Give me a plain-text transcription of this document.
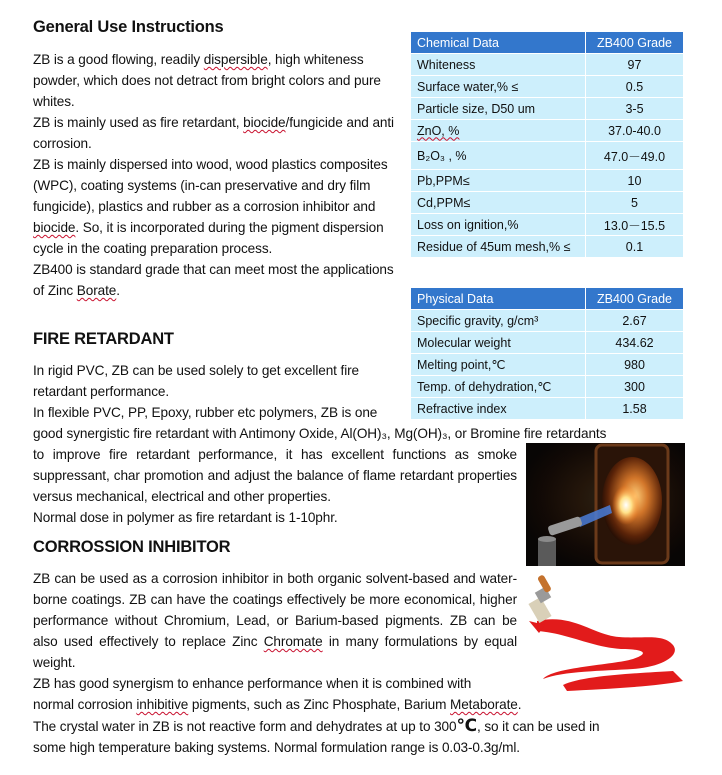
General Use Instructions

ZB is a good flowing, readily dispersible, high whiteness powder, which does not detract from bright colors and pure whites.

ZB is mainly used as fire retardant, biocide/fungicide and anti corrosion.

ZB is mainly dispersed into wood, wood plastics composites (WPC), coating systems (in-can preservative and dry film fungicide), plastics and rubber as a corrosion inhibitor and biocide. So, it is incorporated during the pigment dispersion cycle in the coating preparation process.

ZB400 is standard grade that can meet most the applications of Zinc Borate.

Chemical Data	ZB400 Grade
Whiteness	97
Surface water,% ≤	0.5
Particle size, D50 um	3-5
ZnO, %	37.0-40.0
B₂O₃ , %	47.0－49.0
Pb,PPM≤	10
Cd,PPM≤	5
Loss on ignition,%	13.0－15.5
Residue of 45um mesh,% ≤	0.1
Physical Data	ZB400 Grade
Specific gravity, g/cm³	2.67
Molecular weight	434.62
Melting point,℃	980
Temp. of dehydration,℃	300
Refractive index	1.58
FIRE RETARDANT

In rigid PVC, ZB can be used solely to get excellent fire retardant performance.

In flexible PVC, PP, Epoxy, rubber etc polymers, ZB is one

good synergistic fire retardant with Antimony Oxide, Al(OH)₃, Mg(OH)₃, or Bromine fire retardants

to improve fire retardant performance, it has excellent functions as smoke suppressant, char promotion and adjust the balance of flame retardant properties versus mechanical, electrical and other properties.

Normal dose in polymer as fire retardant is 1-10phr.

CORROSSION INHIBITOR

ZB can be used as a corrosion inhibitor in both organic solvent-based and water-borne coatings. ZB can have the coatings effectively be more economical, higher performance without Chromium, Lead, or Barium-based pigments. ZB can be also used effectively to replace Zinc Chromate in many formulations by equal weight.

ZB has good synergism to enhance performance when it is combined with

normal corrosion inhibitive pigments, such as Zinc Phosphate, Barium Metaborate.

The crystal water in ZB is not reactive form and dehydrates at up to 300℃, so it can be used in

some high temperature baking systems. Normal formulation range is 0.03-0.3g/ml.
